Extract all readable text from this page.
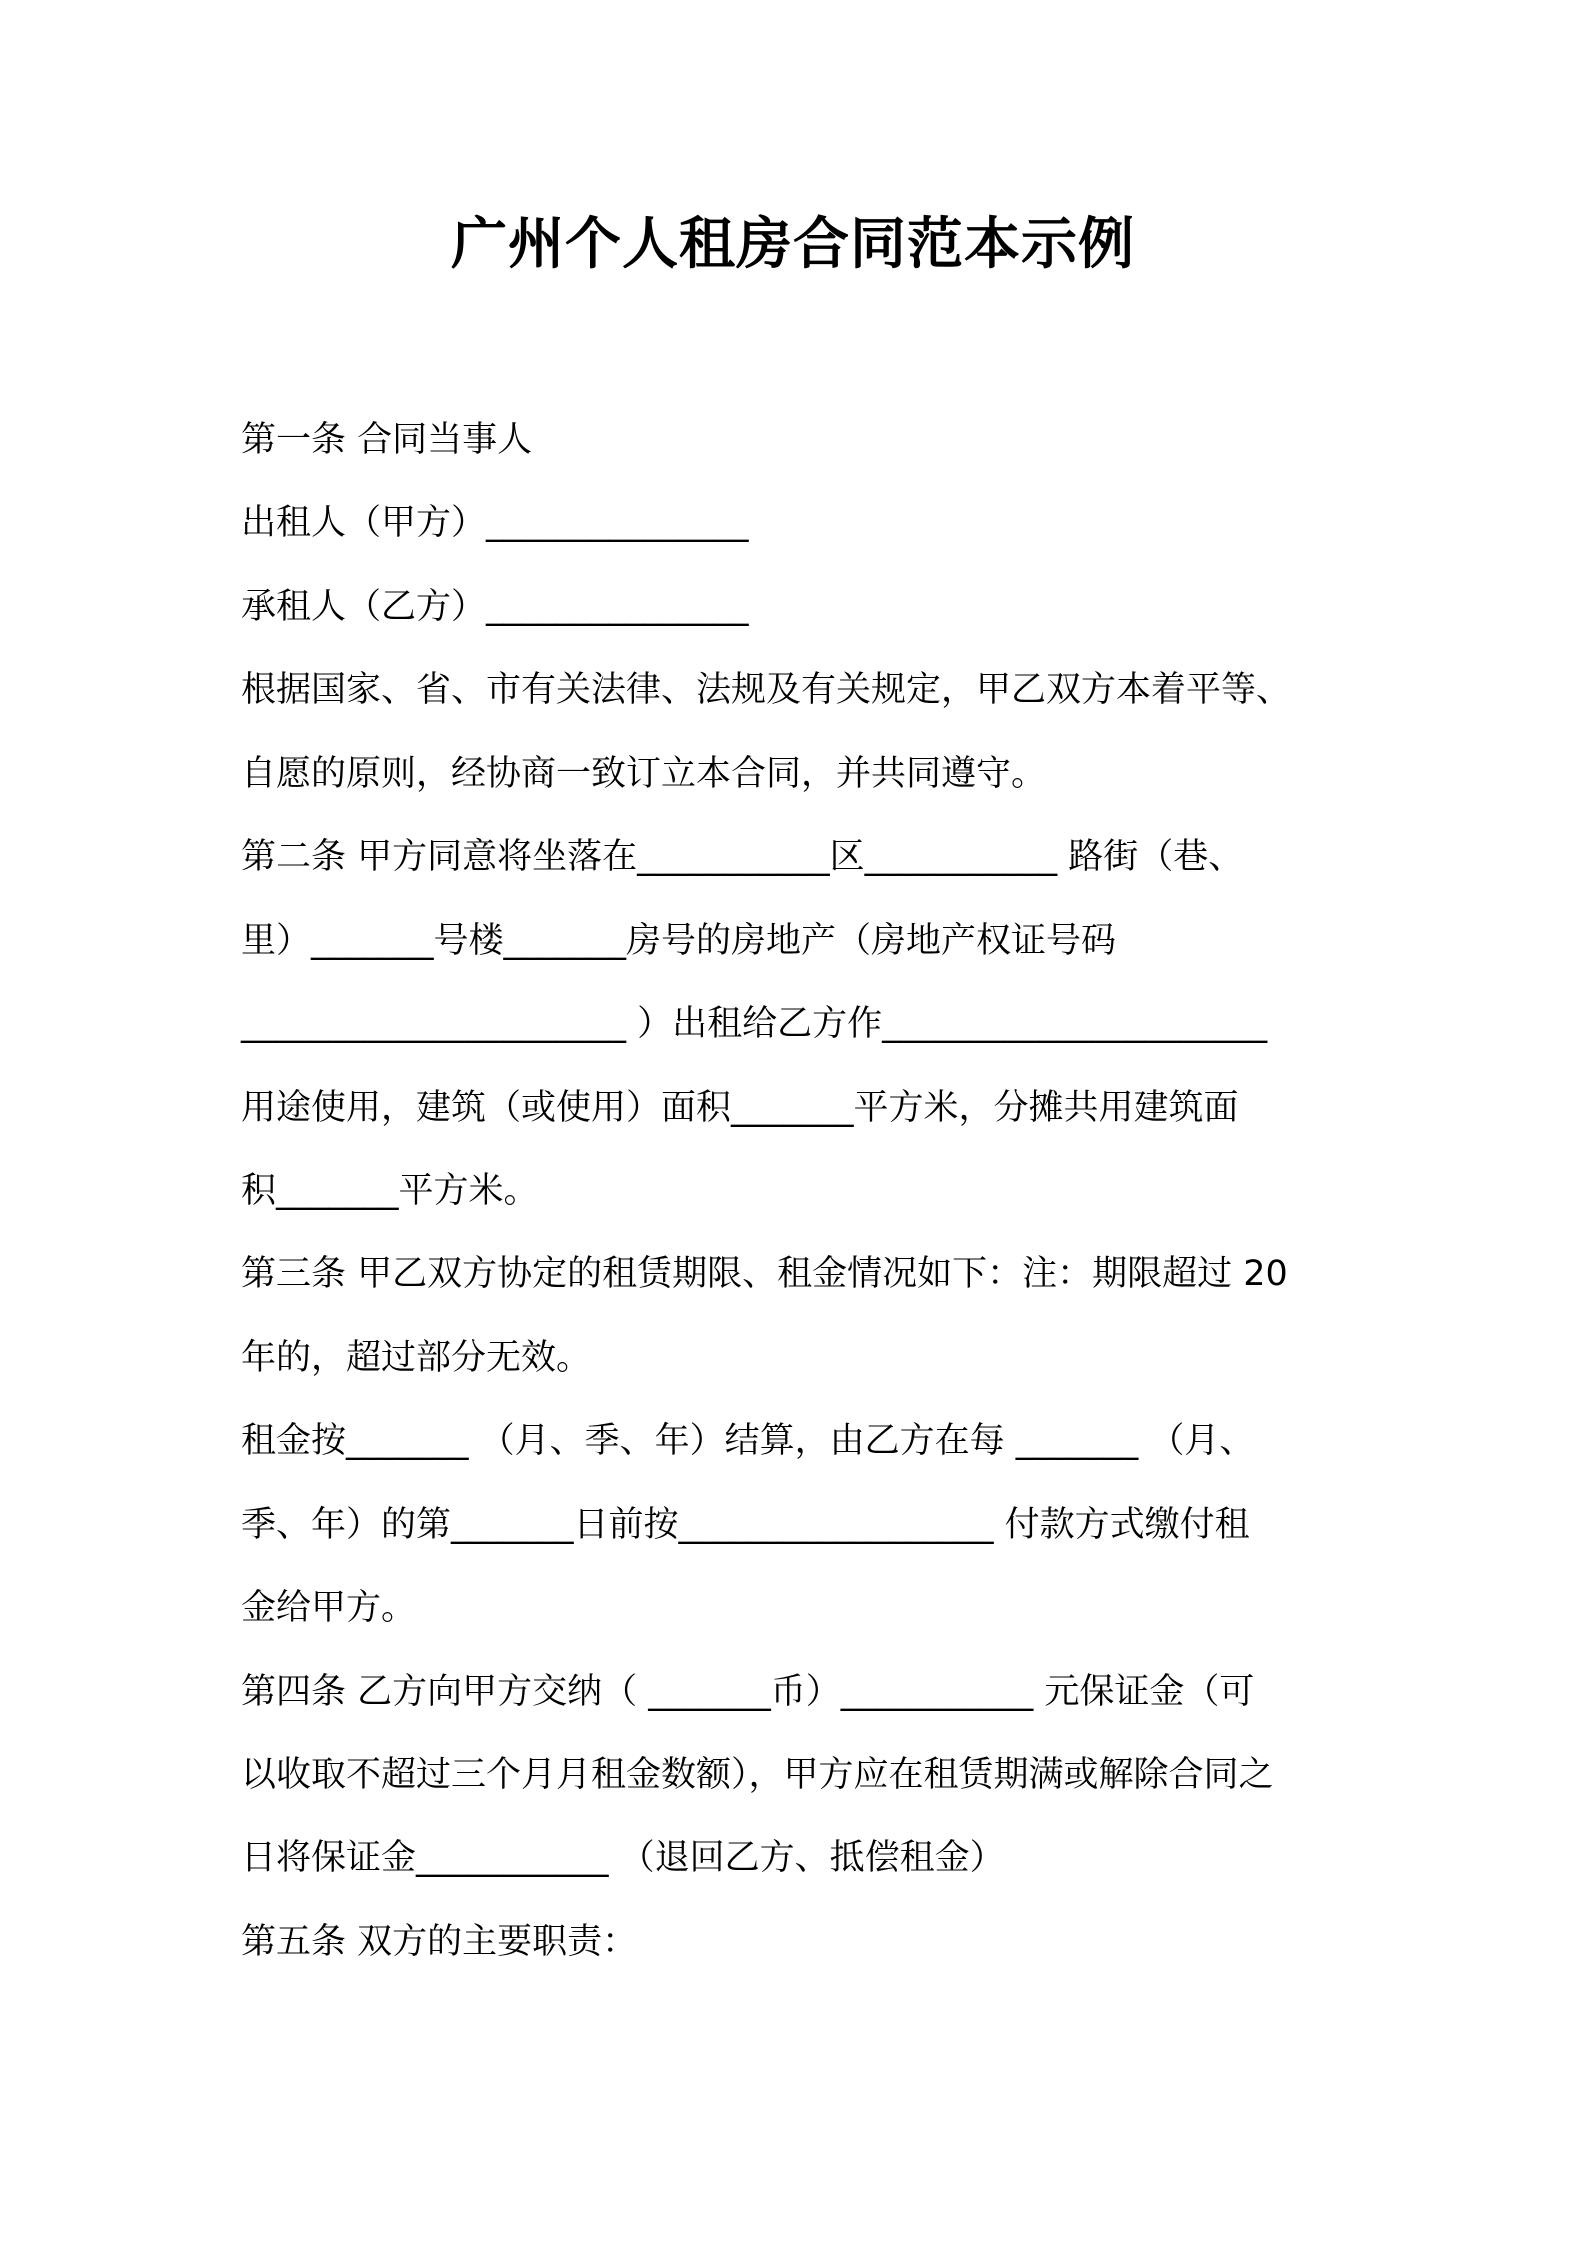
广州个人租房合同范本示例
第一条 合同当事人
出租人（甲方）_______________
承租人（乙方）_______________
根据国家、省、市有关法律、法规及有关规定，甲乙双方本着平等、
自愿的原则，经协商一致订立本合同，并共同遵守。
第二条 甲方同意将坐落在___________区___________ 路街（巷、
里）_______号楼_______房号的房地产（房地产权证号码
______________________ ）出租给乙方作______________________
用途使用，建筑（或使用）面积_______平方米，分摊共用建筑面
积_______平方米。
第三条 甲乙双方协定的租赁期限、租金情况如下：注：期限超过 20
年的，超过部分无效。
租金按_______ （月、季、年）结算，由乙方在每 _______ （月、
季、年）的第_______日前按__________________ 付款方式缴付租
金给甲方。
第四条 乙方向甲方交纳（ _______币）___________ 元保证金（可
以收取不超过三个月月租金数额），甲方应在租赁期满或解除合同之
日将保证金___________ （退回乙方、抵偿租金）
第五条 双方的主要职责：
